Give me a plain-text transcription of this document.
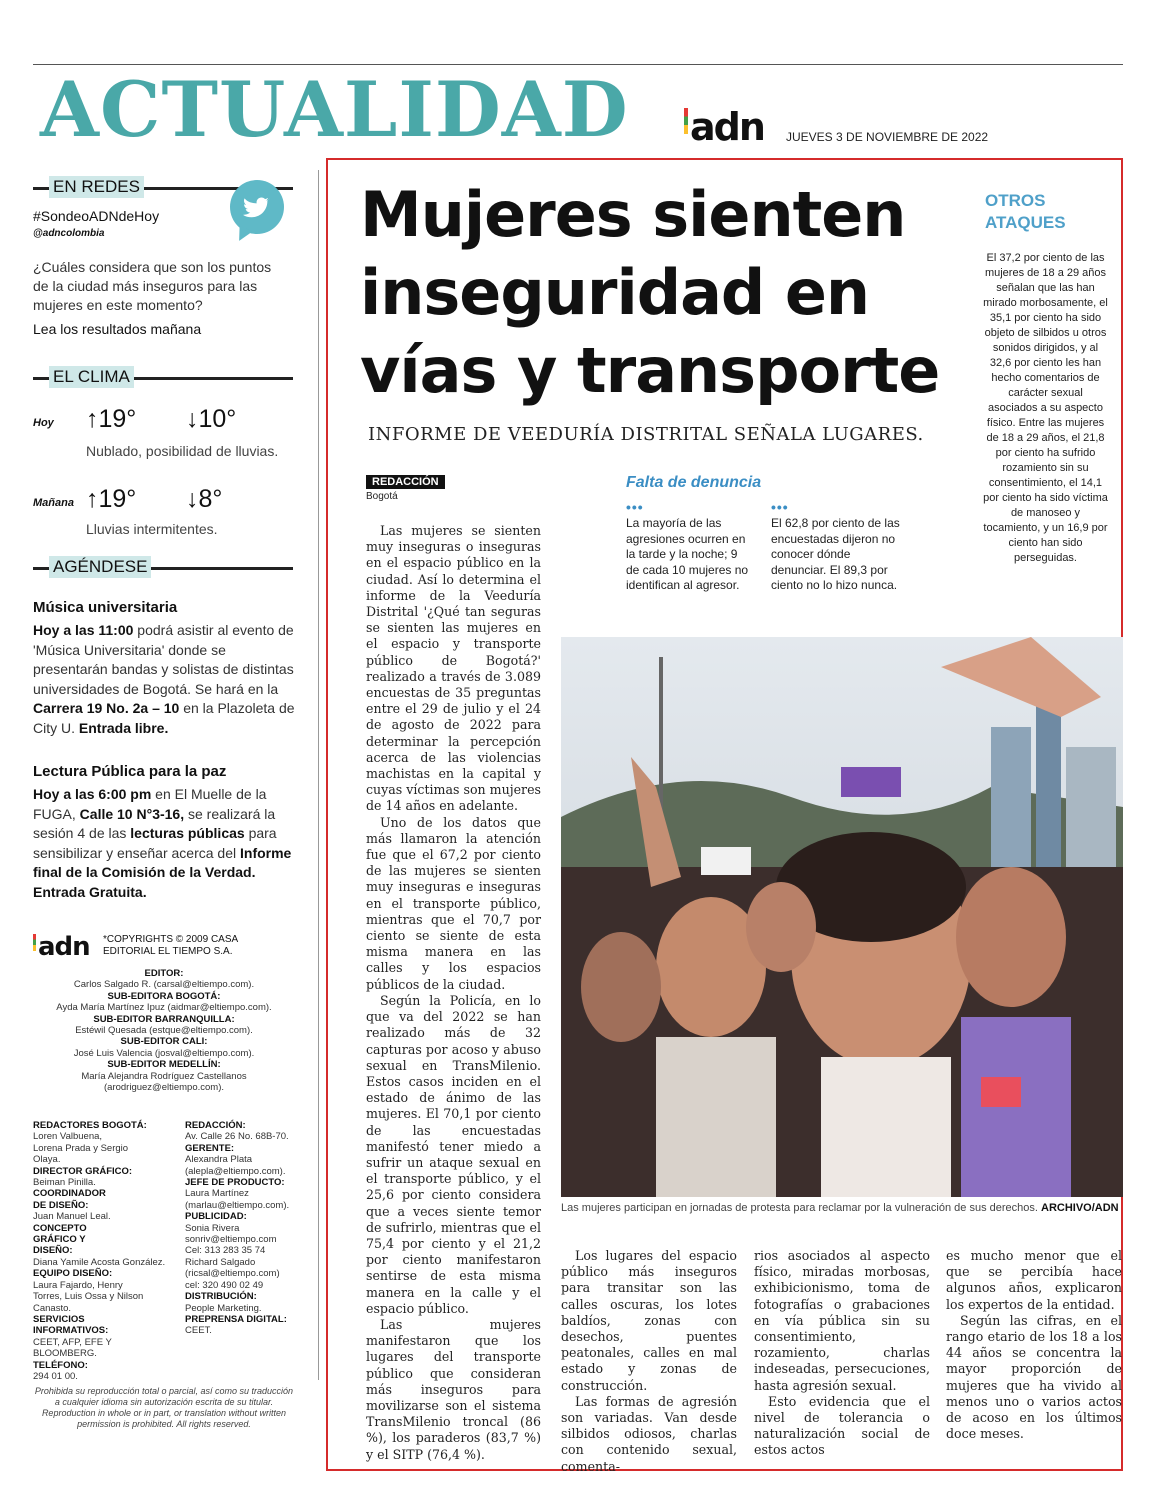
ACTUALIDAD adn JUEVES 3 DE NOVIEMBRE DE 2022
EN REDES
#SondeoADNdeHoy
@adncolombia
¿Cuáles considera que son los puntos de la ciudad más inseguros para las mujeres en este momento?
Lea los resultados mañana
EL CLIMA
Hoy ↑19° ↓10°
Nublado, posibilidad de lluvias.
Mañana ↑19° ↓8°
Lluvias intermitentes.
AGÉNDESE
Música universitaria
Hoy a las 11:00 podrá asistir al evento de 'Música Universitaria' donde se presentarán bandas y solistas de distintas universidades de Bogotá. Se hará en la Carrera 19 No. 2a – 10 en la Plazoleta de City U. Entrada libre.
Lectura Pública para la paz
Hoy a las 6:00 pm en El Muelle de la FUGA, Calle 10 N°3-16, se realizará la sesión 4 de las lecturas públicas para sensibilizar y enseñar acerca del Informe final de la Comisión de la Verdad. Entrada Gratuita.
adn *COPYRIGHTS © 2009 CASA EDITORIAL EL TIEMPO S.A.
EDITOR:
Carlos Salgado R. (carsal@eltiempo.com).
SUB-EDITORA BOGOTÁ:
Ayda María Martínez Ipuz (aidmar@eltiempo.com).
SUB-EDITOR BARRANQUILLA:
Estéwil Quesada (estque@eltiempo.com).
SUB-EDITOR CALI:
José Luis Valencia (josval@eltiempo.com).
SUB-EDITOR MEDELLÍN:
María Alejandra Rodríguez Castellanos (arodriguez@eltiempo.com).
REDACTORES BOGOTÁ:
Loren Valbuena, Lorena Prada y Sergio Olaya.
DIRECTOR GRÁFICO:
Beiman Pinilla.
COORDINADOR DE DISEÑO:
Juan Manuel Leal.
CONCEPTO GRÁFICO Y DISEÑO:
Diana Yamile Acosta González.
EQUIPO DISEÑO:
Laura Fajardo, Henry Torres, Luis Ossa y Nilson Canasto.
SERVICIOS INFORMATIVOS:
CEET, AFP, EFE Y BLOOMBERG.
TELÉFONO:
294 01 00.
REDACCIÓN:
Av. Calle 26 No. 68B-70.
GERENTE:
Alexandra Plata (alepla@eltiempo.com).
JEFE DE PRODUCTO:
Laura Martínez (marlau@eltiempo.com).
PUBLICIDAD:
Sonia Rivera sonriv@eltiempo.com Cel: 313 283 35 74 Richard Salgado (ricsal@eltiempo.com) cel: 320 490 02 49
DISTRIBUCIÓN:
People Marketing.
PREPRENSA DIGITAL:
CEET.
Prohibida su reproducción total o parcial, así como su traducción a cualquier idioma sin autorización escrita de su titular. Reproduction in whole or in part, or translation without written permission is prohibited. All rights reserved.
Mujeres sienten inseguridad en vías y transporte
INFORME DE VEEDURÍA DISTRITAL SEÑALA LUGARES.
REDACCIÓN
Bogotá

Las mujeres se sienten muy inseguras o inseguras en el espacio público en la ciudad. Así lo determina el informe de la Veeduría Distrital '¿Qué tan seguras se sienten las mujeres en el espacio y transporte público de Bogotá?' realizado a través de 3.089 encuestas de 35 preguntas entre el 29 de julio y el 24 de agosto de 2022 para determinar la percepción acerca de las violencias machistas en la capital y cuyas víctimas son mujeres de 14 años en adelante.

Uno de los datos que más llamaron la atención fue que el 67,2 por ciento de las mujeres se sienten muy inseguras e inseguras en el transporte público, mientras que el 70,7 por ciento se siente de esta misma manera en las calles y los espacios públicos de la ciudad.

Según la Policía, en lo que va del 2022 se han realizado más de 32 capturas por acoso y abuso sexual en TransMilenio. Estos casos inciden en el estado de ánimo de las mujeres. El 70,1 por ciento de las encuestadas manifestó tener miedo a sufrir un ataque sexual en el transporte público, y el 25,6 por ciento considera que a veces siente temor de sufrirlo, mientras que el 75,4 por ciento y el 21,2 por ciento manifestaron sentirse de esta misma manera en la calle y el espacio público.

Las mujeres manifestaron que los lugares del transporte público que consideran más inseguros para movilizarse son el sistema TransMilenio troncal (86 %), los paraderos (83,7 %) y el SITP (76,4 %).

Falta de denuncia
•••	•••
La mayoría de las agresiones ocurren en la tarde y la noche; 9 de cada 10 mujeres no identifican al agresor.
El 62,8 por ciento de las encuestadas dijeron no conocer dónde denunciar. El 89,3 por ciento no lo hizo nunca.
OTROS ATAQUES
El 37,2 por ciento de las mujeres de 18 a 29 años señalan que las han mirado morbosamente, el 35,1 por ciento ha sido objeto de silbidos u otros sonidos dirigidos, y al 32,6 por ciento les han hecho comentarios de carácter sexual asociados a su aspecto físico. Entre las mujeres de 18 a 29 años, el 21,8 por ciento ha sufrido rozamiento sin su consentimiento, el 14,1 por ciento ha sido víctima de manoseo y tocamiento, y un 16,9 por ciento han sido perseguidas.
Las mujeres participan en jornadas de protesta para reclamar por la vulneración de sus derechos. ARCHIVO/ADN

Los lugares del espacio público más inseguros para transitar son las calles oscuras, los lotes baldíos, zonas con desechos, puentes peatonales, calles en mal estado y zonas de construcción.

Las formas de agresión son variadas. Van desde silbidos odiosos, charlas con contenido sexual, comenta-

rios asociados al aspecto físico, miradas morbosas, exhibicionismo, toma de fotografías o grabaciones en vía pública sin su consentimiento, rozamiento, charlas indeseadas, persecuciones, hasta agresión sexual.

Esto evidencia que el nivel de tolerancia o naturalización social de estos actos

es mucho menor que el que se percibía hace algunos años, explicaron los expertos de la entidad.

Según las cifras, en el rango etario de los 18 a los 44 años se concentra la mayor proporción de mujeres que ha vivido al menos uno o varios actos de acoso en los últimos doce meses.
